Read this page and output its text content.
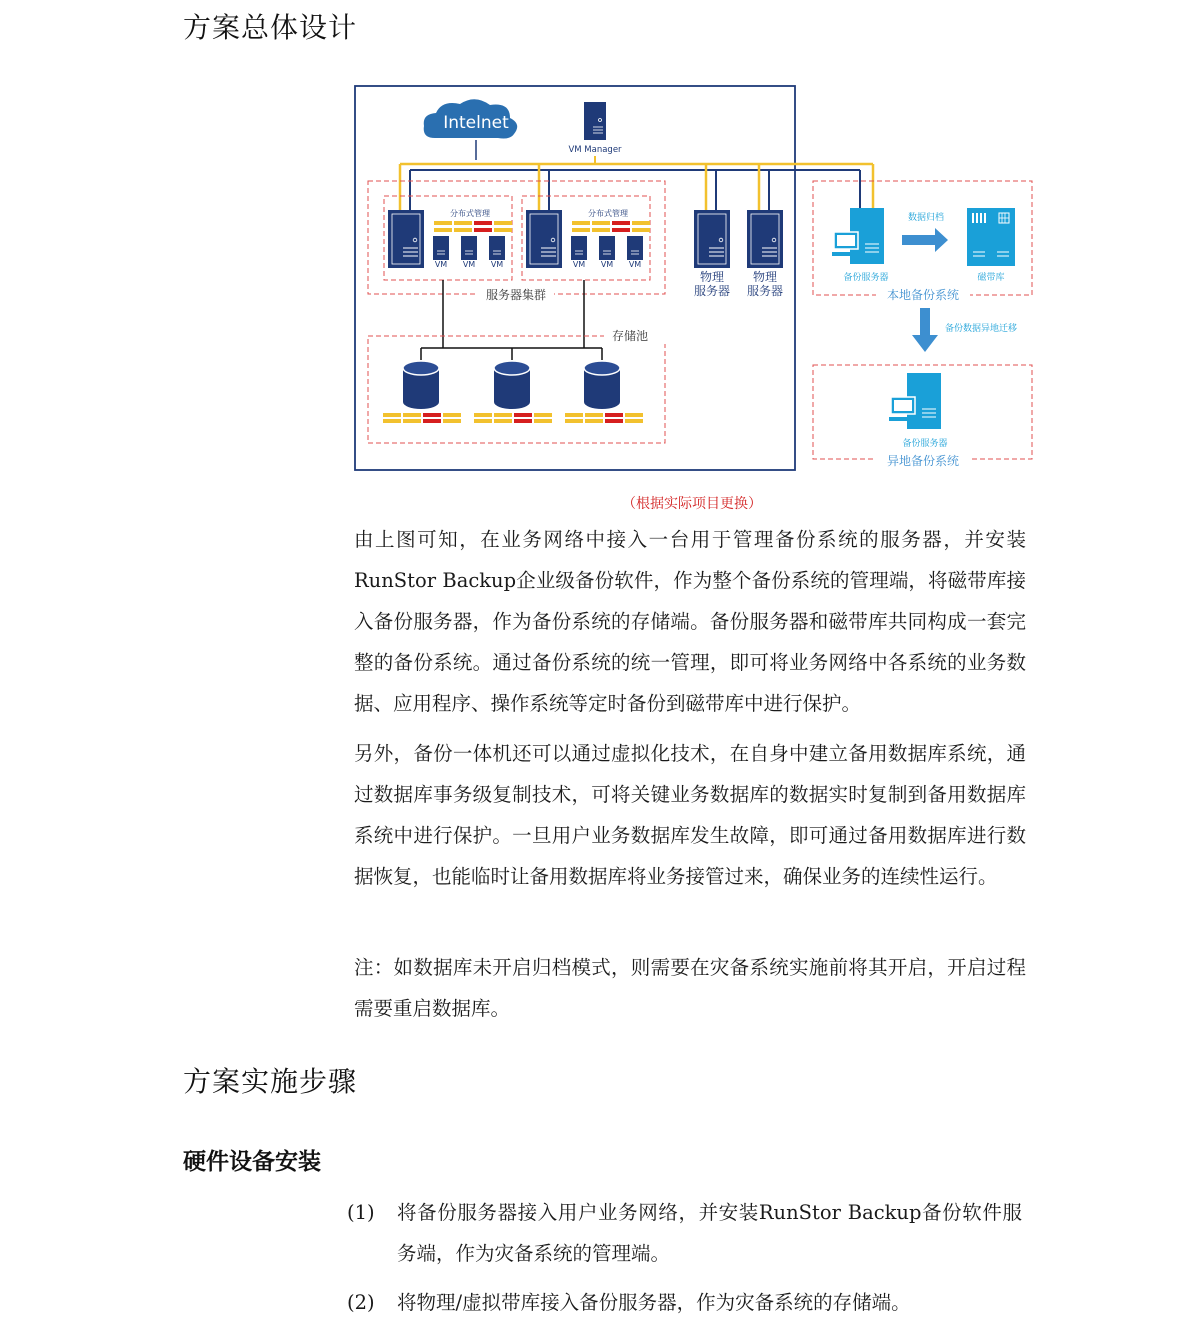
方案总体设计
Intelnet
VM Manager
分布式管理
VM VM VM
分布式管理
VM VM VM
服务器集群
物理
服务器
物理
服务器
存储池
备份服务器
数据归档
磁带库
本地备份系统
备份数据异地迁移
备份服务器
异地备份系统
（根据实际项目更换）

由上图可知，在业务网络中接入一台用于管理备份系统的服务器，并安装RunStor Backup企业级备份软件，作为整个备份系统的管理端，将磁带库接入备份服务器，作为备份系统的存储端。备份服务器和磁带库共同构成一套完整的备份系统。通过备份系统的统一管理，即可将业务网络中各系统的业务数据、应用程序、操作系统等定时备份到磁带库中进行保护。

另外，备份一体机还可以通过虚拟化技术，在自身中建立备用数据库系统，通过数据库事务级复制技术，可将关键业务数据库的数据实时复制到备用数据库系统中进行保护。一旦用户业务数据库发生故障，即可通过备用数据库进行数据恢复，也能临时让备用数据库将业务接管过来，确保业务的连续性运行。

注：如数据库未开启归档模式，则需要在灾备系统实施前将其开启，开启过程需要重启数据库。

方案实施步骤
硬件设备安装
(1)	将备份服务器接入用户业务网络，并安装RunStor Backup备份软件服务端，作为灾备系统的管理端。
(2)	将物理/虚拟带库接入备份服务器，作为灾备系统的存储端。
